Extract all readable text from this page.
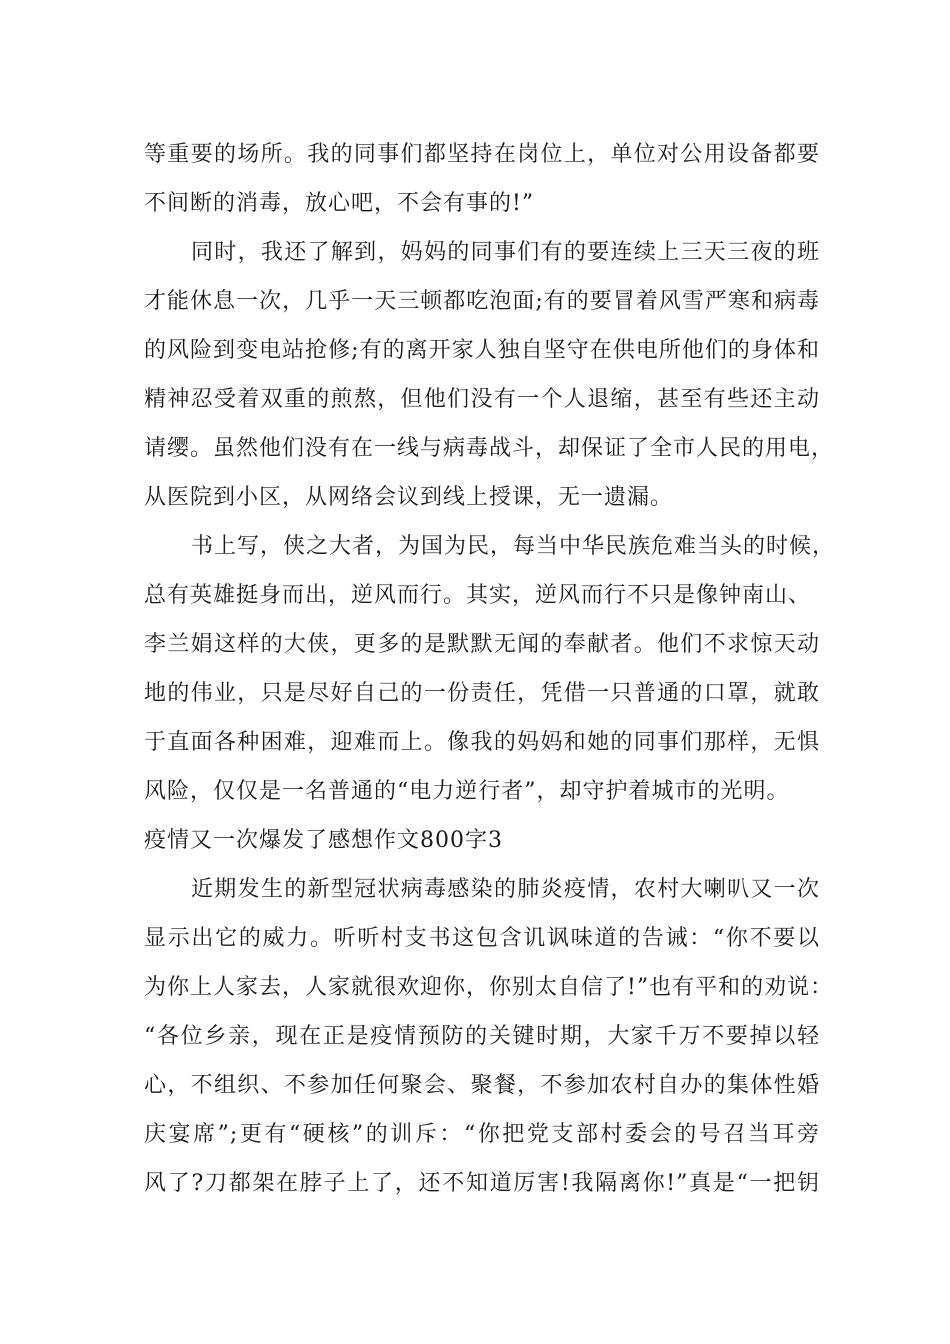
等重要的场所。我的同事们都坚持在岗位上，单位对公用设备都要
不间断的消毒，放心吧，不会有事的!”
同时，我还了解到，妈妈的同事们有的要连续上三天三夜的班
才能休息一次，几乎一天三顿都吃泡面;有的要冒着风雪严寒和病毒
的风险到变电站抢修;有的离开家人独自坚守在供电所他们的身体和
精神忍受着双重的煎熬，但他们没有一个人退缩，甚至有些还主动
请缨。虽然他们没有在一线与病毒战斗，却保证了全市人民的用电，
从医院到小区，从网络会议到线上授课，无一遗漏。
书上写，侠之大者，为国为民，每当中华民族危难当头的时候，
总有英雄挺身而出，逆风而行。其实，逆风而行不只是像钟南山、
李兰娟这样的大侠，更多的是默默无闻的奉献者。他们不求惊天动
地的伟业，只是尽好自己的一份责任，凭借一只普通的口罩，就敢
于直面各种困难，迎难而上。像我的妈妈和她的同事们那样，无惧
风险，仅仅是一名普通的“电力逆行者”，却守护着城市的光明。
疫情又一次爆发了感想作文800字3
近期发生的新型冠状病毒感染的肺炎疫情，农村大喇叭又一次
显示出它的威力。听听村支书这包含讥讽味道的告诫：“你不要以
为你上人家去，人家就很欢迎你，你别太自信了!”也有平和的劝说：
“各位乡亲，现在正是疫情预防的关键时期，大家千万不要掉以轻
心，不组织、不参加任何聚会、聚餐，不参加农村自办的集体性婚
庆宴席”;更有“硬核”的训斥：“你把党支部村委会的号召当耳旁
风了?刀都架在脖子上了，还不知道厉害!我隔离你!”真是“一把钥
